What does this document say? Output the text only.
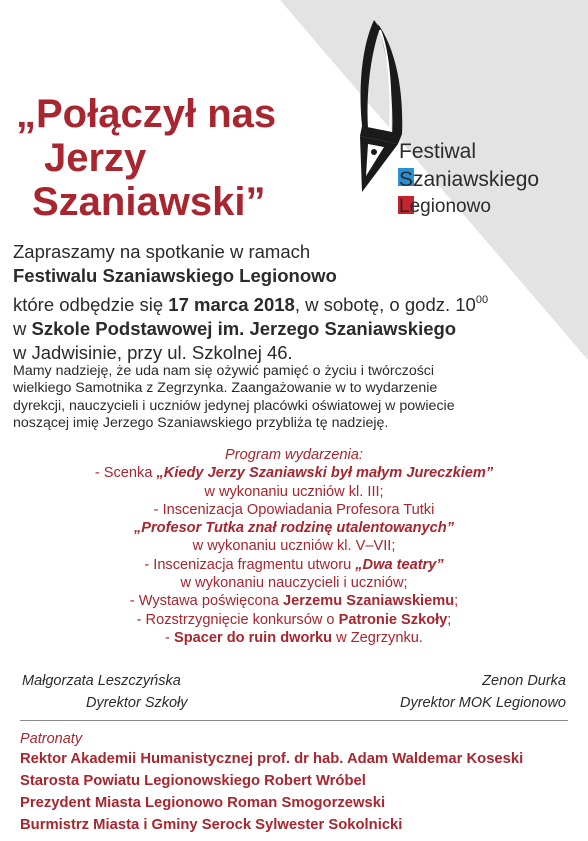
„Połączył nas
Jerzy
Szaniawski”
Festiwal
Szaniawskiego
Legionowo
Zapraszamy na spotkanie w ramach
Festiwalu Szaniawskiego Legionowo
które odbędzie się 17 marca 2018, w sobotę, o godz. $10^{00}$
w Szkole Podstawowej im. Jerzego Szaniawskiego
w Jadwisinie, przy ul. Szkolnej 46.
Mamy nadzieję, że uda nam się ożywić pamięć o życiu i twórczości
wielkiego Samotnika z Zegrzynka. Zaangażowanie w to wydarzenie
dyrekcji, nauczycieli i uczniów jedynej placówki oświatowej w powiecie
noszącej imię Jerzego Szaniawskiego przybliża tę nadzieję.
Program wydarzenia:
- Scenka „Kiedy Jerzy Szaniawski był małym Jureczkiem”
w wykonaniu uczniów kl. III;
- Inscenizacja Opowiadania Profesora Tutki
„Profesor Tutka znał rodzinę utalentowanych”
w wykonaniu uczniów kl. V–VII;
- Inscenizacja fragmentu utworu „Dwa teatry”
w wykonaniu nauczycieli i uczniów;
- Wystawa poświęcona Jerzemu Szaniawskiemu;
- Rozstrzygnięcie konkursów o Patronie Szkoły;
- Spacer do ruin dworku w Zegrzynku.
Małgorzata Leszczyńska
Dyrektor Szkoły
Zenon Durka
Dyrektor MOK Legionowo
Patronaty
Rektor Akademii Humanistycznej prof. dr hab. Adam Waldemar Koseski
Starosta Powiatu Legionowskiego Robert Wróbel
Prezydent Miasta Legionowo Roman Smogorzewski
Burmistrz Miasta i Gminy Serock Sylwester Sokolnicki
